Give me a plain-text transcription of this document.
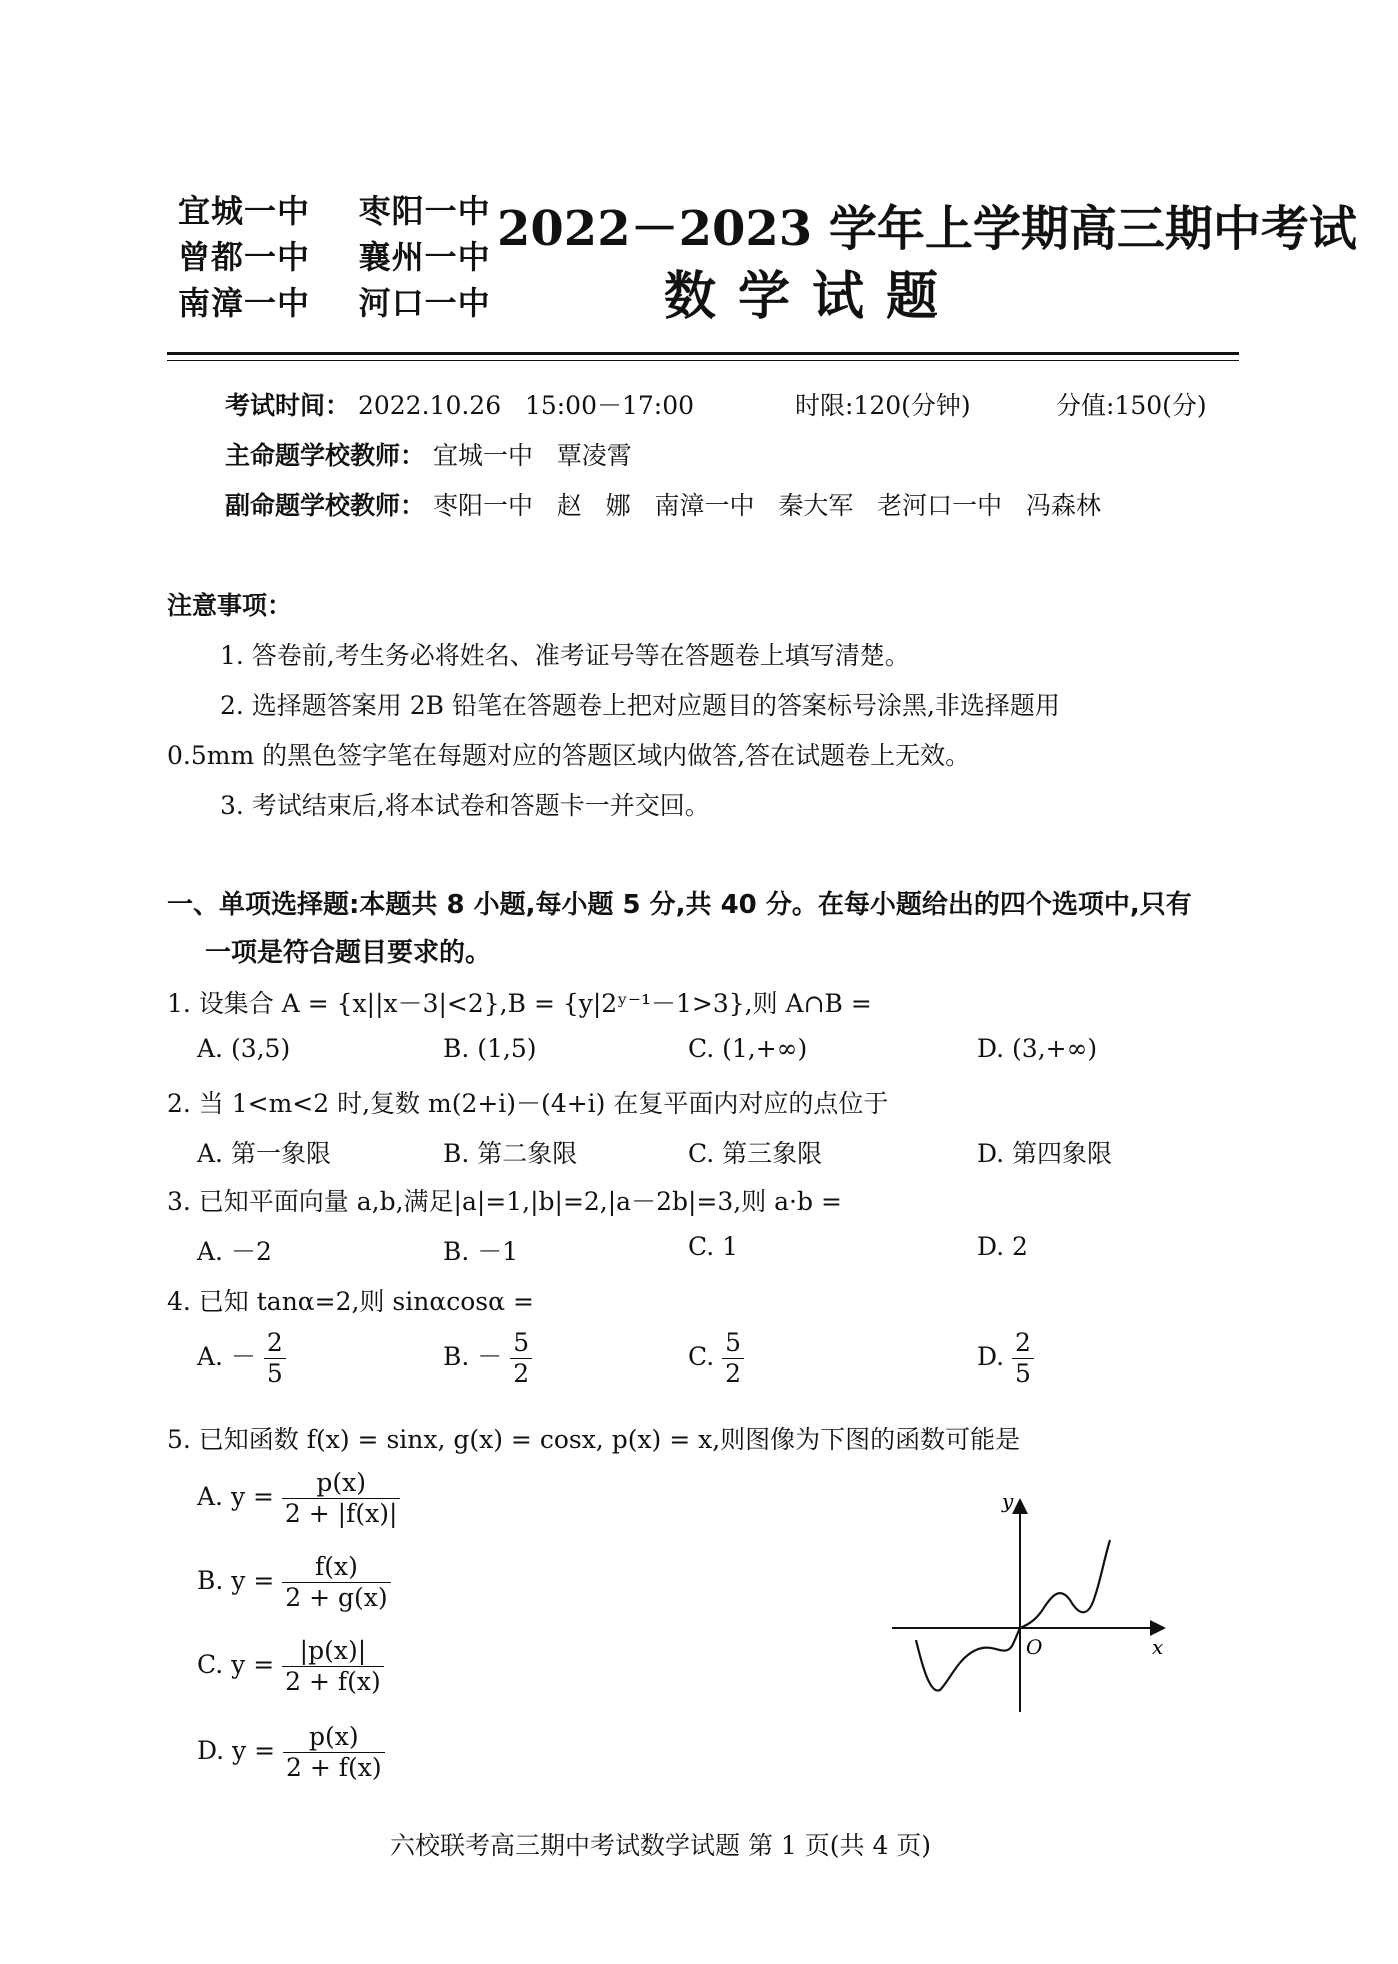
宜城一中 枣阳一中
曾都一中 襄州一中
南漳一中 河口一中
2022－2023 学年上学期高三期中考试
数学试题
考试时间： 2022.10.26   15:00－17:00	时限:120(分钟)	分值:150(分)
主命题学校教师： 宜城一中   覃凌霄
副命题学校教师： 枣阳一中   赵   娜   南漳一中   秦大军   老河口一中   冯森林
注意事项：
1. 答卷前,考生务必将姓名、准考证号等在答题卷上填写清楚。
2. 选择题答案用 2B 铅笔在答题卷上把对应题目的答案标号涂黑,非选择题用
0.5mm 的黑色签字笔在每题对应的答题区域内做答,答在试题卷上无效。
3. 考试结束后,将本试卷和答题卡一并交回。
一、单项选择题:本题共 8 小题,每小题 5 分,共 40 分。在每小题给出的四个选项中,只有
一项是符合题目要求的。
1. 设集合 A = {x||x－3|<2},B = {y|2ʸ⁻¹－1>3},则 A∩B =
A. (3,5)	B. (1,5)	C. (1,+∞)	D. (3,+∞)
2. 当 1<m<2 时,复数 m(2+i)－(4+i) 在复平面内对应的点位于
A. 第一象限	B. 第二象限	C. 第三象限	D. 第四象限
3. 已知平面向量 a,b,满足|a|=1,|b|=2,|a－2b|=3,则 a·b =
A. －2	B. －1	C. 1	D. 2
4. 已知 tanα=2,则 sinαcosα =
A. － $\frac{2}{5}$	B. － $\frac{5}{2}$	C. $\frac{5}{2}$	D. $\frac{2}{5}$
5. 已知函数 f(x) = sinx, g(x) = cosx, p(x) = x,则图像为下图的函数可能是
A. $y = \frac{p(x)}{2 + |f(x)|}$
B. $y = \frac{f(x)}{2 + g(x)}$
C. $y = \frac{|p(x)|}{2 + f(x)}$
D. $y = \frac{p(x)}{2 + f(x)}$
y
x
O
六校联考高三期中考试数学试题 第 1 页(共 4 页)
